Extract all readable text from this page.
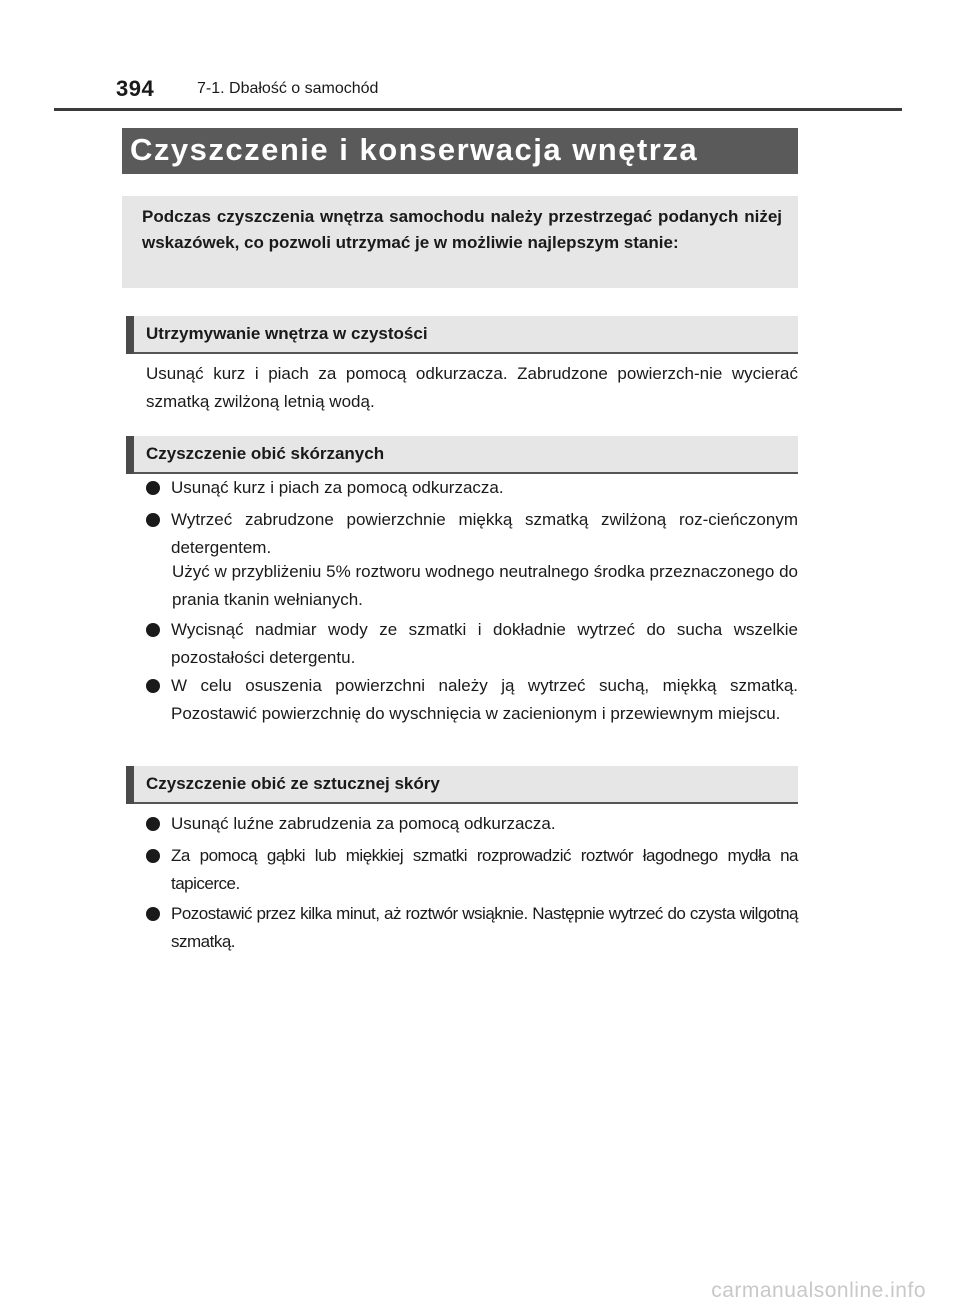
394	7-1. Dbałość o samochód
Czyszczenie i konserwacja wnętrza
Podczas czyszczenia wnętrza samochodu należy przestrzegać podanych niżej wskazówek, co pozwoli utrzymać je w możliwie najlepszym stanie:
Utrzymywanie wnętrza w czystości
Usunąć kurz i piach za pomocą odkurzacza. Zabrudzone powierzch-nie wycierać szmatką zwilżoną letnią wodą.
Czyszczenie obić skórzanych
Usunąć kurz i piach za pomocą odkurzacza.
Wytrzeć zabrudzone powierzchnie miękką szmatką zwilżoną roz-cieńczonym detergentem.
Użyć w przybliżeniu 5% roztworu wodnego neutralnego środka przeznaczonego do prania tkanin wełnianych.
Wycisnąć nadmiar wody ze szmatki i dokładnie wytrzeć do sucha wszelkie pozostałości detergentu.
W celu osuszenia powierzchni należy ją wytrzeć suchą, miękką szmatką. Pozostawić powierzchnię do wyschnięcia w zacienionym i przewiewnym miejscu.
Czyszczenie obić ze sztucznej skóry
Usunąć luźne zabrudzenia za pomocą odkurzacza.
Za pomocą gąbki lub miękkiej szmatki rozprowadzić roztwór łagodnego mydła na tapicerce.
Pozostawić przez kilka minut, aż roztwór wsiąknie. Następnie wytrzeć do czysta wilgotną szmatką.
carmanualsonline.info
